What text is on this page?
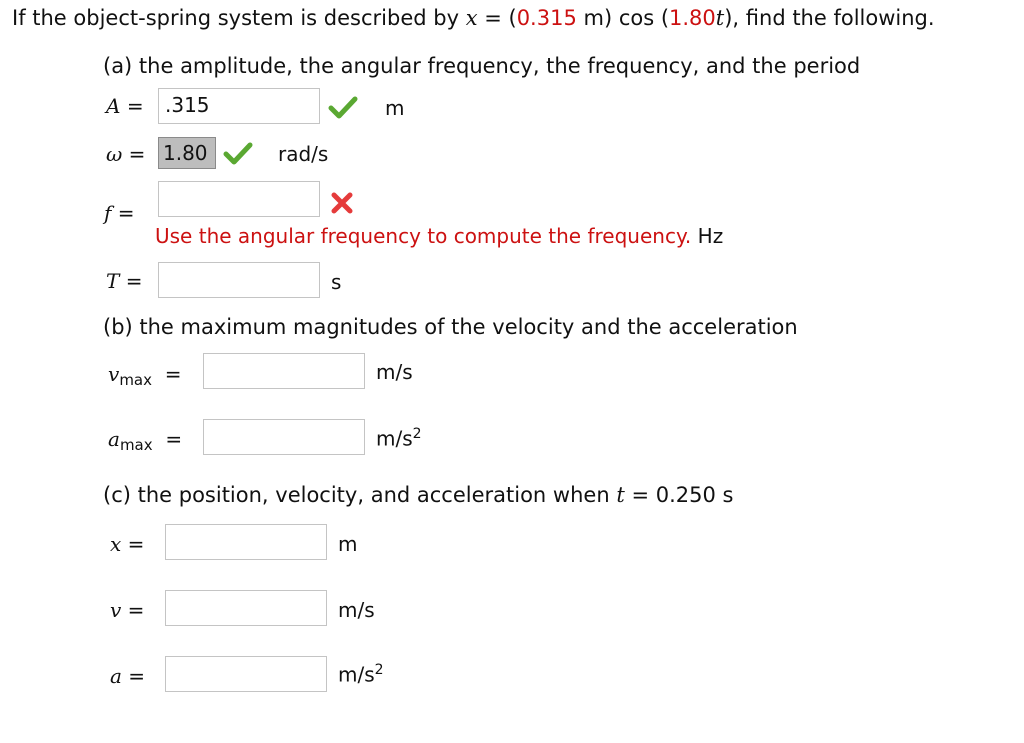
If the object-spring system is described by x = (0.315 m) cos (1.80t), find the following.
(a) the amplitude, the angular frequency, the frequency, and the period
A =	.315	m
ω = 1.80	rad/s
f =
Use the angular frequency to compute the frequency. Hz
T =	s
(b) the maximum magnitudes of the velocity and the acceleration
$v_{max}$ =	m/s
$a_{max}$ =	$m/s^2$
(c) the position, velocity, and acceleration when t = 0.250 s
x =	m
v =	m/s
a =	$m/s^2$
